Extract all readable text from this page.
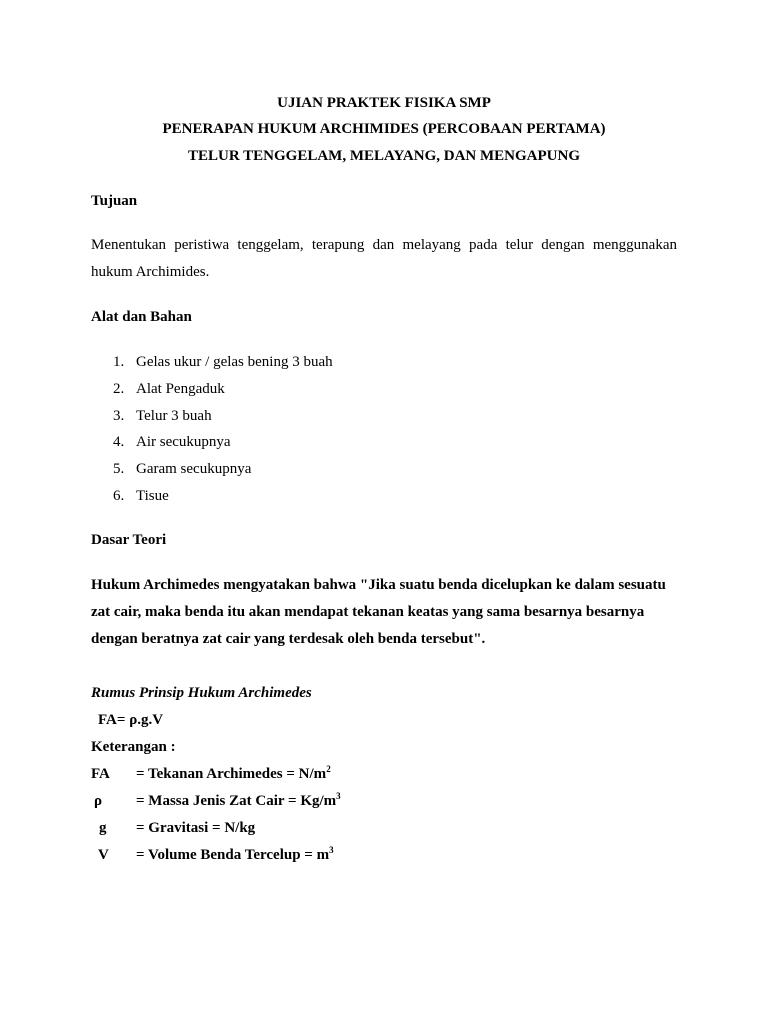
UJIAN PRAKTEK FISIKA SMP
PENERAPAN HUKUM ARCHIMIDES (PERCOBAAN PERTAMA)
TELUR TENGGELAM, MELAYANG, DAN MENGAPUNG
Tujuan
Menentukan peristiwa tenggelam, terapung dan melayang pada telur dengan menggunakan
hukum Archimides.
Alat dan Bahan
1. Gelas ukur / gelas bening 3 buah
2. Alat Pengaduk
3. Telur 3 buah
4. Air secukupnya
5. Garam secukupnya
6. Tisue
Dasar Teori
Hukum Archimedes mengyatakan bahwa "Jika suatu benda dicelupkan ke dalam sesuatu
zat cair, maka benda itu akan mendapat tekanan keatas yang sama besarnya besarnya
dengan beratnya zat cair yang terdesak oleh benda tersebut".
Rumus Prinsip Hukum Archimedes
FA= ρ.g.V
Keterangan :
FA = Tekanan Archimedes = $N/m^2$
ρ = Massa Jenis Zat Cair = $Kg/m^3$
g = Gravitasi = N/kg
V = Volume Benda Tercelup = $m^3$
